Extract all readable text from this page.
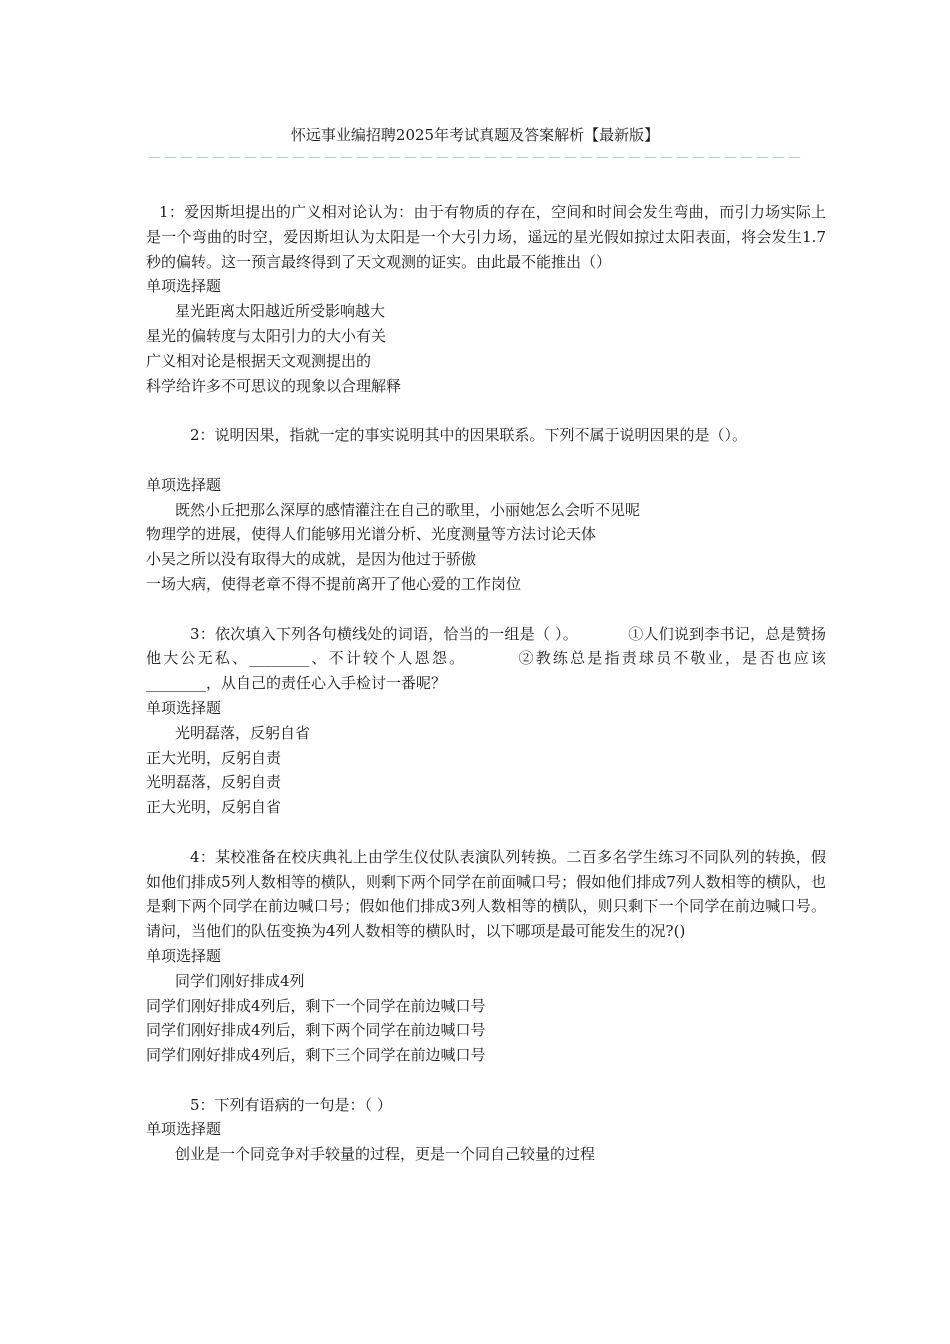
怀远事业编招聘2025年考试真题及答案解析【最新版】
－－－－－－－－－－－－－－－－－－－－－－－－－－－－－－－－－－－－－－－－－

1：爱因斯坦提出的广义相对论认为：由于有物质的存在，空间和时间会发生弯曲，而引力场实际上是一个弯曲的时空，爱因斯坦认为太阳是一个大引力场，遥远的星光假如掠过太阳表面，将会发生1.7秒的偏转。这一预言最终得到了天文观测的证实。由此最不能推出（）

单项选择题

星光距离太阳越近所受影响越大

星光的偏转度与太阳引力的大小有关

广义相对论是根据天文观测提出的

科学给许多不可思议的现象以合理解释

2：说明因果，指就一定的事实说明其中的因果联系。下列不属于说明因果的是（）。

单项选择题

既然小丘把那么深厚的感情灌注在自己的歌里，小丽她怎么会听不见呢

物理学的进展，使得人们能够用光谱分析、光度测量等方法讨论天体

小吴之所以没有取得大的成就，是因为他过于骄傲

一场大病，使得老章不得不提前离开了他心爱的工作岗位

3：依次填入下列各句横线处的词语，恰当的一组是（ ）。	①人们说到李书记，总是赞扬他大公无私、________、不计较个人恩怨。	②教练总是指责球员不敬业，是否也应该________，从自己的责任心入手检讨一番呢？

单项选择题

光明磊落，反躬自省

正大光明，反躬自责

光明磊落，反躬自责

正大光明，反躬自省

4：某校准备在校庆典礼上由学生仪仗队表演队列转换。二百多名学生练习不同队列的转换，假如他们排成5列人数相等的横队，则剩下两个同学在前面喊口号；假如他们排成7列人数相等的横队，也是剩下两个同学在前边喊口号；假如他们排成3列人数相等的横队，则只剩下一个同学在前边喊口号。请问，当他们的队伍变换为4列人数相等的横队时，以下哪项是最可能发生的况?()

单项选择题

同学们刚好排成4列

同学们刚好排成4列后，剩下一个同学在前边喊口号

同学们刚好排成4列后，剩下两个同学在前边喊口号

同学们刚好排成4列后，剩下三个同学在前边喊口号

5：下列有语病的一句是：（ ）

单项选择题

创业是一个同竞争对手较量的过程，更是一个同自己较量的过程
